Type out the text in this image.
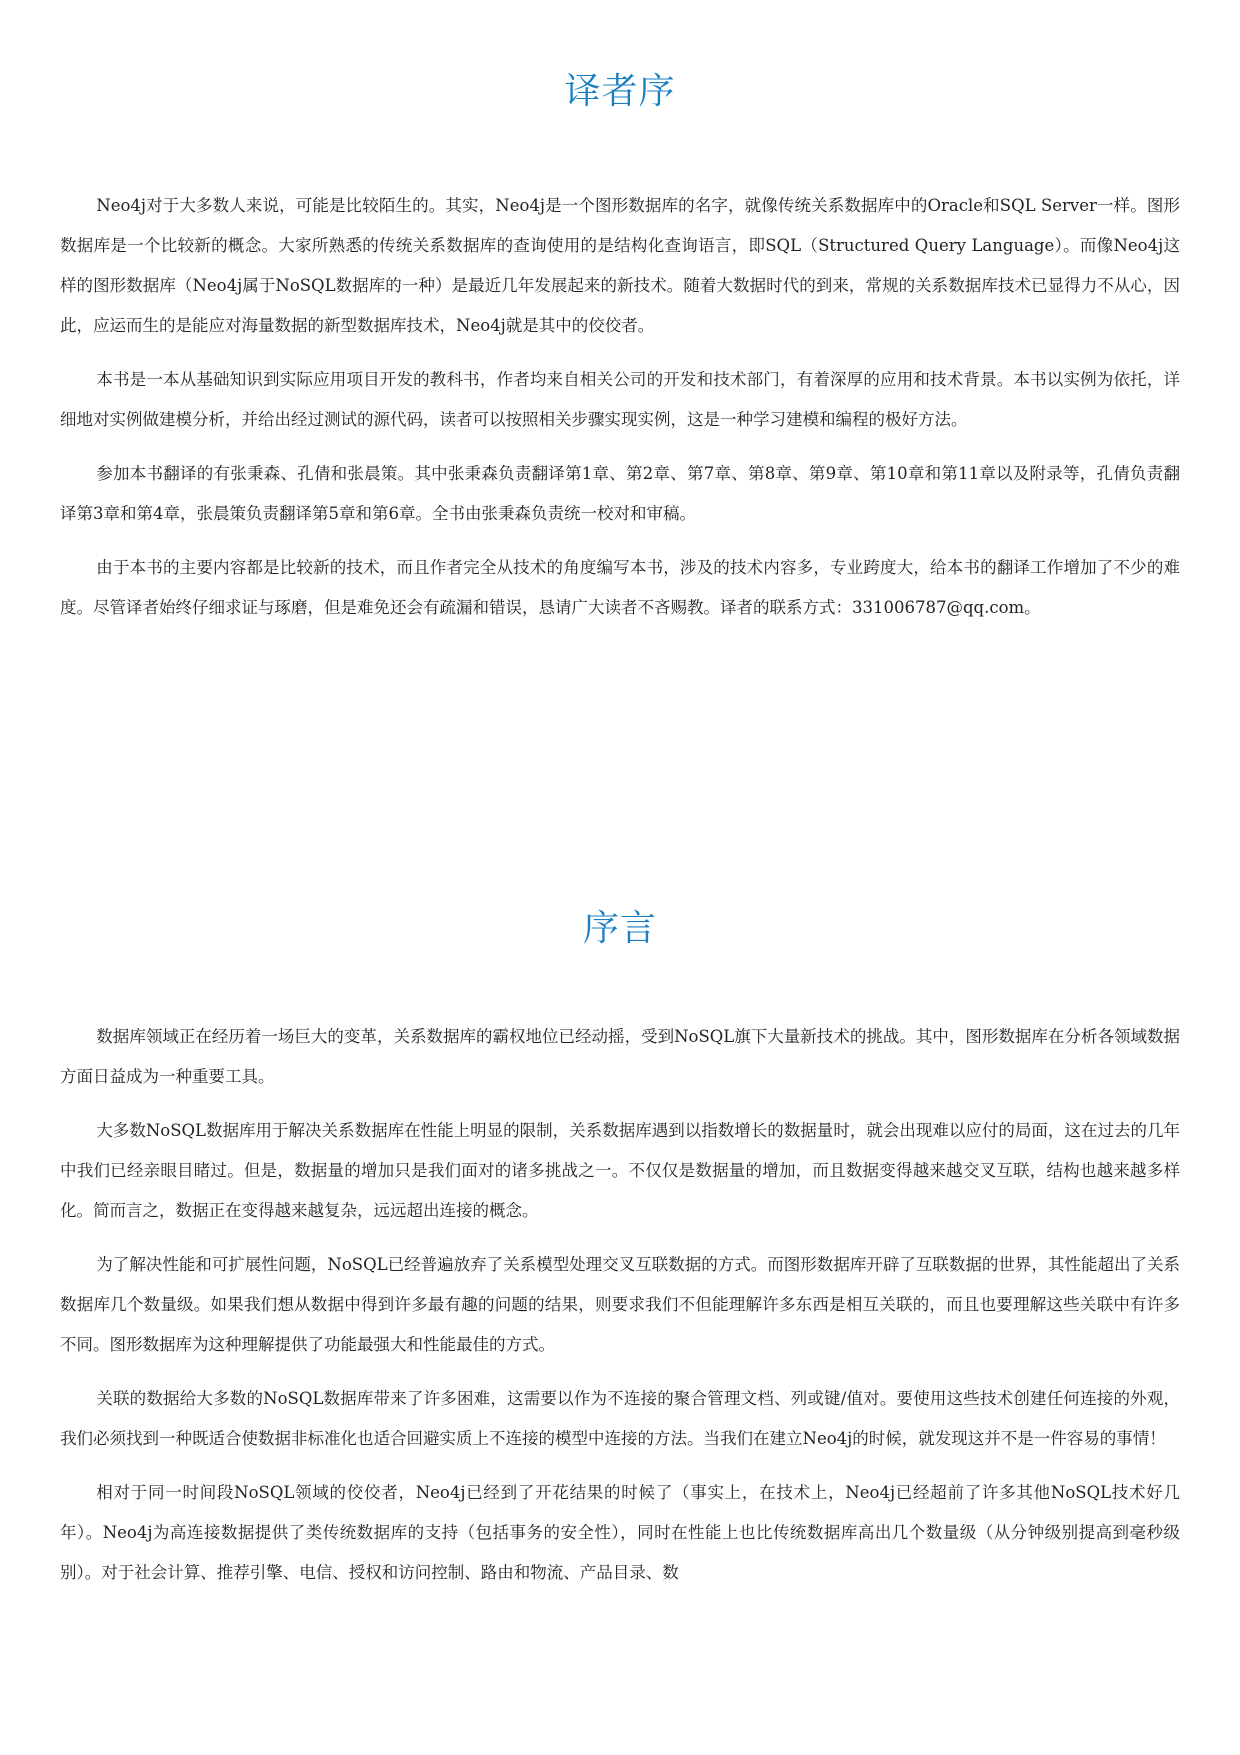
译者序

Neo4j对于大多数人来说，可能是比较陌生的。其实，Neo4j是一个图形数据库的名字，就像传统关系数据库中的Oracle和SQL Server一样。图形数据库是一个比较新的概念。大家所熟悉的传统关系数据库的查询使用的是结构化查询语言，即SQL（Structured Query Language）。而像Neo4j这样的图形数据库（Neo4j属于NoSQL数据库的一种）是最近几年发展起来的新技术。随着大数据时代的到来，常规的关系数据库技术已显得力不从心，因此，应运而生的是能应对海量数据的新型数据库技术，Neo4j就是其中的佼佼者。

本书是一本从基础知识到实际应用项目开发的教科书，作者均来自相关公司的开发和技术部门，有着深厚的应用和技术背景。本书以实例为依托，详细地对实例做建模分析，并给出经过测试的源代码，读者可以按照相关步骤实现实例，这是一种学习建模和编程的极好方法。

参加本书翻译的有张秉森、孔倩和张晨策。其中张秉森负责翻译第1章、第2章、第7章、第8章、第9章、第10章和第11章以及附录等，孔倩负责翻译第3章和第4章，张晨策负责翻译第5章和第6章。全书由张秉森负责统一校对和审稿。

由于本书的主要内容都是比较新的技术，而且作者完全从技术的角度编写本书，涉及的技术内容多，专业跨度大，给本书的翻译工作增加了不少的难度。尽管译者始终仔细求证与琢磨，但是难免还会有疏漏和错误，恳请广大读者不吝赐教。译者的联系方式：331006787@qq.com。

序言

数据库领域正在经历着一场巨大的变革，关系数据库的霸权地位已经动摇，受到NoSQL旗下大量新技术的挑战。其中，图形数据库在分析各领域数据方面日益成为一种重要工具。

大多数NoSQL数据库用于解决关系数据库在性能上明显的限制，关系数据库遇到以指数增长的数据量时，就会出现难以应付的局面，这在过去的几年中我们已经亲眼目睹过。但是，数据量的增加只是我们面对的诸多挑战之一。不仅仅是数据量的增加，而且数据变得越来越交叉互联，结构也越来越多样化。简而言之，数据正在变得越来越复杂，远远超出连接的概念。

为了解决性能和可扩展性问题，NoSQL已经普遍放弃了关系模型处理交叉互联数据的方式。而图形数据库开辟了互联数据的世界，其性能超出了关系数据库几个数量级。如果我们想从数据中得到许多最有趣的问题的结果，则要求我们不但能理解许多东西是相互关联的，而且也要理解这些关联中有许多不同。图形数据库为这种理解提供了功能最强大和性能最佳的方式。

关联的数据给大多数的NoSQL数据库带来了许多困难，这需要以作为不连接的聚合管理文档、列或键/值对。要使用这些技术创建任何连接的外观，我们必须找到一种既适合使数据非标准化也适合回避实质上不连接的模型中连接的方法。当我们在建立Neo4j的时候，就发现这并不是一件容易的事情！

相对于同一时间段NoSQL领域的佼佼者，Neo4j已经到了开花结果的时候了（事实上，在技术上，Neo4j已经超前了许多其他NoSQL技术好几年）。Neo4j为高连接数据提供了类传统数据库的支持（包括事务的安全性），同时在性能上也比传统数据库高出几个数量级（从分钟级别提高到毫秒级别）。对于社会计算、推荐引擎、电信、授权和访问控制、路由和物流、产品目录、数
